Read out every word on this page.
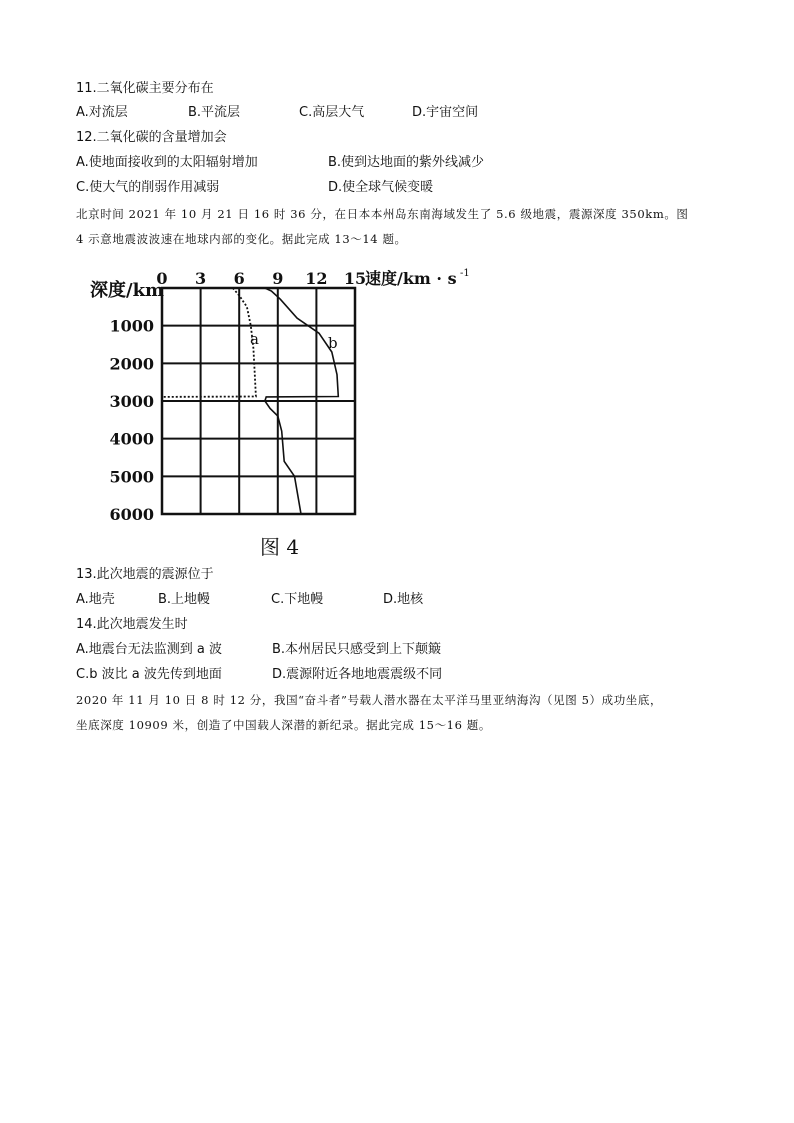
11.二氧化碳主要分布在
A.对流层	B.平流层	C.高层大气	D.宇宙空间
12.二氧化碳的含量增加会
A.使地面接收到的太阳辐射增加	B.使到达地面的紫外线减少
C.使大气的削弱作用减弱	D.使全球气候变暖
北京时间 2021 年 10 月 21 日 16 时 36 分，在日本本州岛东南海域发生了 5.6 级地震，震源深度 350km。图
4 示意地震波波速在地球内部的变化。据此完成 13～14 题。
深度/km
速度/km · s -1
a	b
图 4
0 3 6 9 12 15
1000
2000
3000
4000
5000
6000
13.此次地震的震源位于
A.地壳	B.上地幔	C.下地幔	D.地核
14.此次地震发生时
A.地震台无法监测到 a 波	B.本州居民只感受到上下颠簸
C.b 波比 a 波先传到地面	D.震源附近各地地震震级不同
2020 年 11 月 10 日 8 时 12 分，我国“奋斗者”号载人潜水器在太平洋马里亚纳海沟（见图 5）成功坐底，
坐底深度 10909 米，创造了中国载人深潜的新纪录。据此完成 15～16 题。
